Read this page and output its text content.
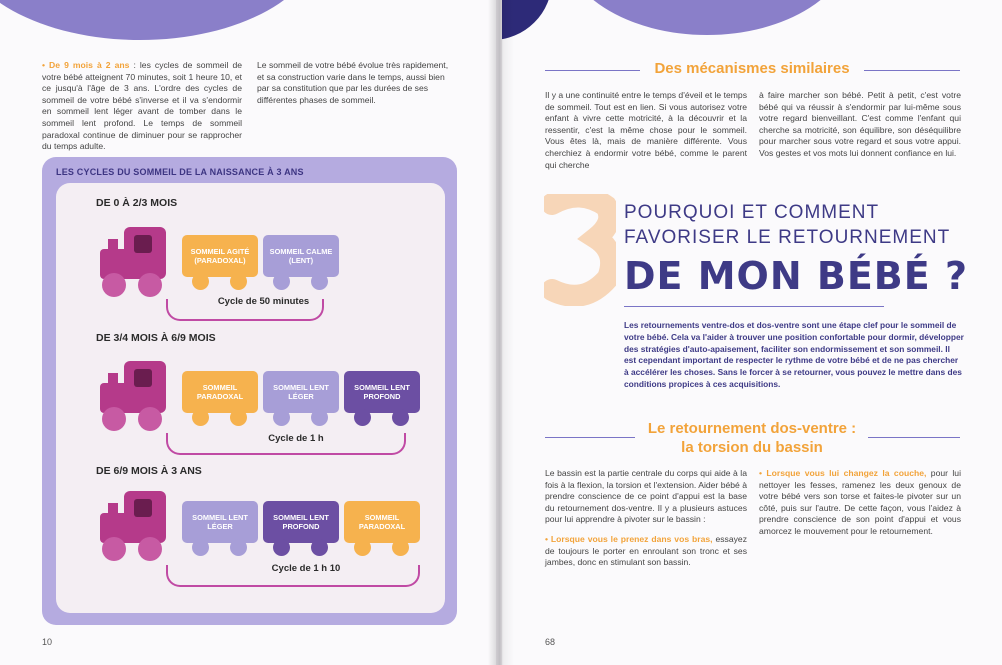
• De 9 mois à 2 ans : les cycles de sommeil de votre bébé atteignent 70 minutes, soit 1 heure 10, et ce jusqu'à l'âge de 3 ans. L'ordre des cycles de sommeil de votre bébé s'inverse et il va s'endormir en sommeil lent léger avant de tomber dans le sommeil lent profond. Le temps de sommeil paradoxal continue de diminuer pour se rapprocher du temps adulte.
Le sommeil de votre bébé évolue très rapidement, et sa construction varie dans le temps, aussi bien par sa constitution que par les durées de ses différentes phases de sommeil.
LES CYCLES DU SOMMEIL DE LA NAISSANCE À 3 ANS
DE 0 À 2/3 MOIS
SOMMEIL AGITÉ (PARADOXAL)
SOMMEIL CALME (LENT)
Cycle de 50 minutes
DE 3/4 MOIS À 6/9 MOIS
SOMMEIL PARADOXAL
SOMMEIL LENT LÉGER
SOMMEIL LENT PROFOND
Cycle de 1 h
DE 6/9 MOIS À 3 ANS
SOMMEIL LENT LÉGER
SOMMEIL LENT PROFOND
SOMMEIL PARADOXAL
Cycle de 1 h 10
10
Des mécanismes similaires
Il y a une continuité entre le temps d'éveil et le temps de sommeil. Tout est en lien. Si vous autorisez votre enfant à vivre cette motricité, à la découvrir et la ressentir, c'est la même chose pour le sommeil. Vous êtes là, mais de manière différente. Vous cherchiez à endormir votre bébé, comme le parent qui cherche
à faire marcher son bébé. Petit à petit, c'est votre bébé qui va réussir à s'endormir par lui-même sous votre regard bienveillant. C'est comme l'enfant qui cherche sa motricité, son équilibre, son déséquilibre pour marcher sous votre regard et sous votre appui. Vos gestes et vos mots lui donnent confiance en lui.
POURQUOI ET COMMENT
FAVORISER LE RETOURNEMENT
DE MON BÉBÉ ?
Les retournements ventre-dos et dos-ventre sont une étape clef pour le sommeil de votre bébé. Cela va l'aider à trouver une position confortable pour dormir, développer des stratégies d'auto-apaisement, faciliter son endormissement et son sommeil. Il est cependant important de respecter le rythme de votre bébé et de ne pas chercher à accélérer les choses. Sans le forcer à se retourner, vous pouvez le mettre dans des conditions propices à ces acquisitions.
Le retournement dos-ventre :
la torsion du bassin
Le bassin est la partie centrale du corps qui aide à la fois à la flexion, la torsion et l'extension. Aider bébé à prendre conscience de ce point d'appui est la base du retournement dos-ventre. Il y a plusieurs astuces pour lui apprendre à pivoter sur le bassin :
• Lorsque vous le prenez dans vos bras, essayez de toujours le porter en enroulant son tronc et ses jambes, donc en stimulant son bassin.
• Lorsque vous lui changez la couche, pour lui nettoyer les fesses, ramenez les deux genoux de votre bébé vers son torse et faites-le pivoter sur un côté, puis sur l'autre. De cette façon, vous l'aidez à prendre conscience de son point d'appui et vous amorcez le mouvement pour le retournement.
68
